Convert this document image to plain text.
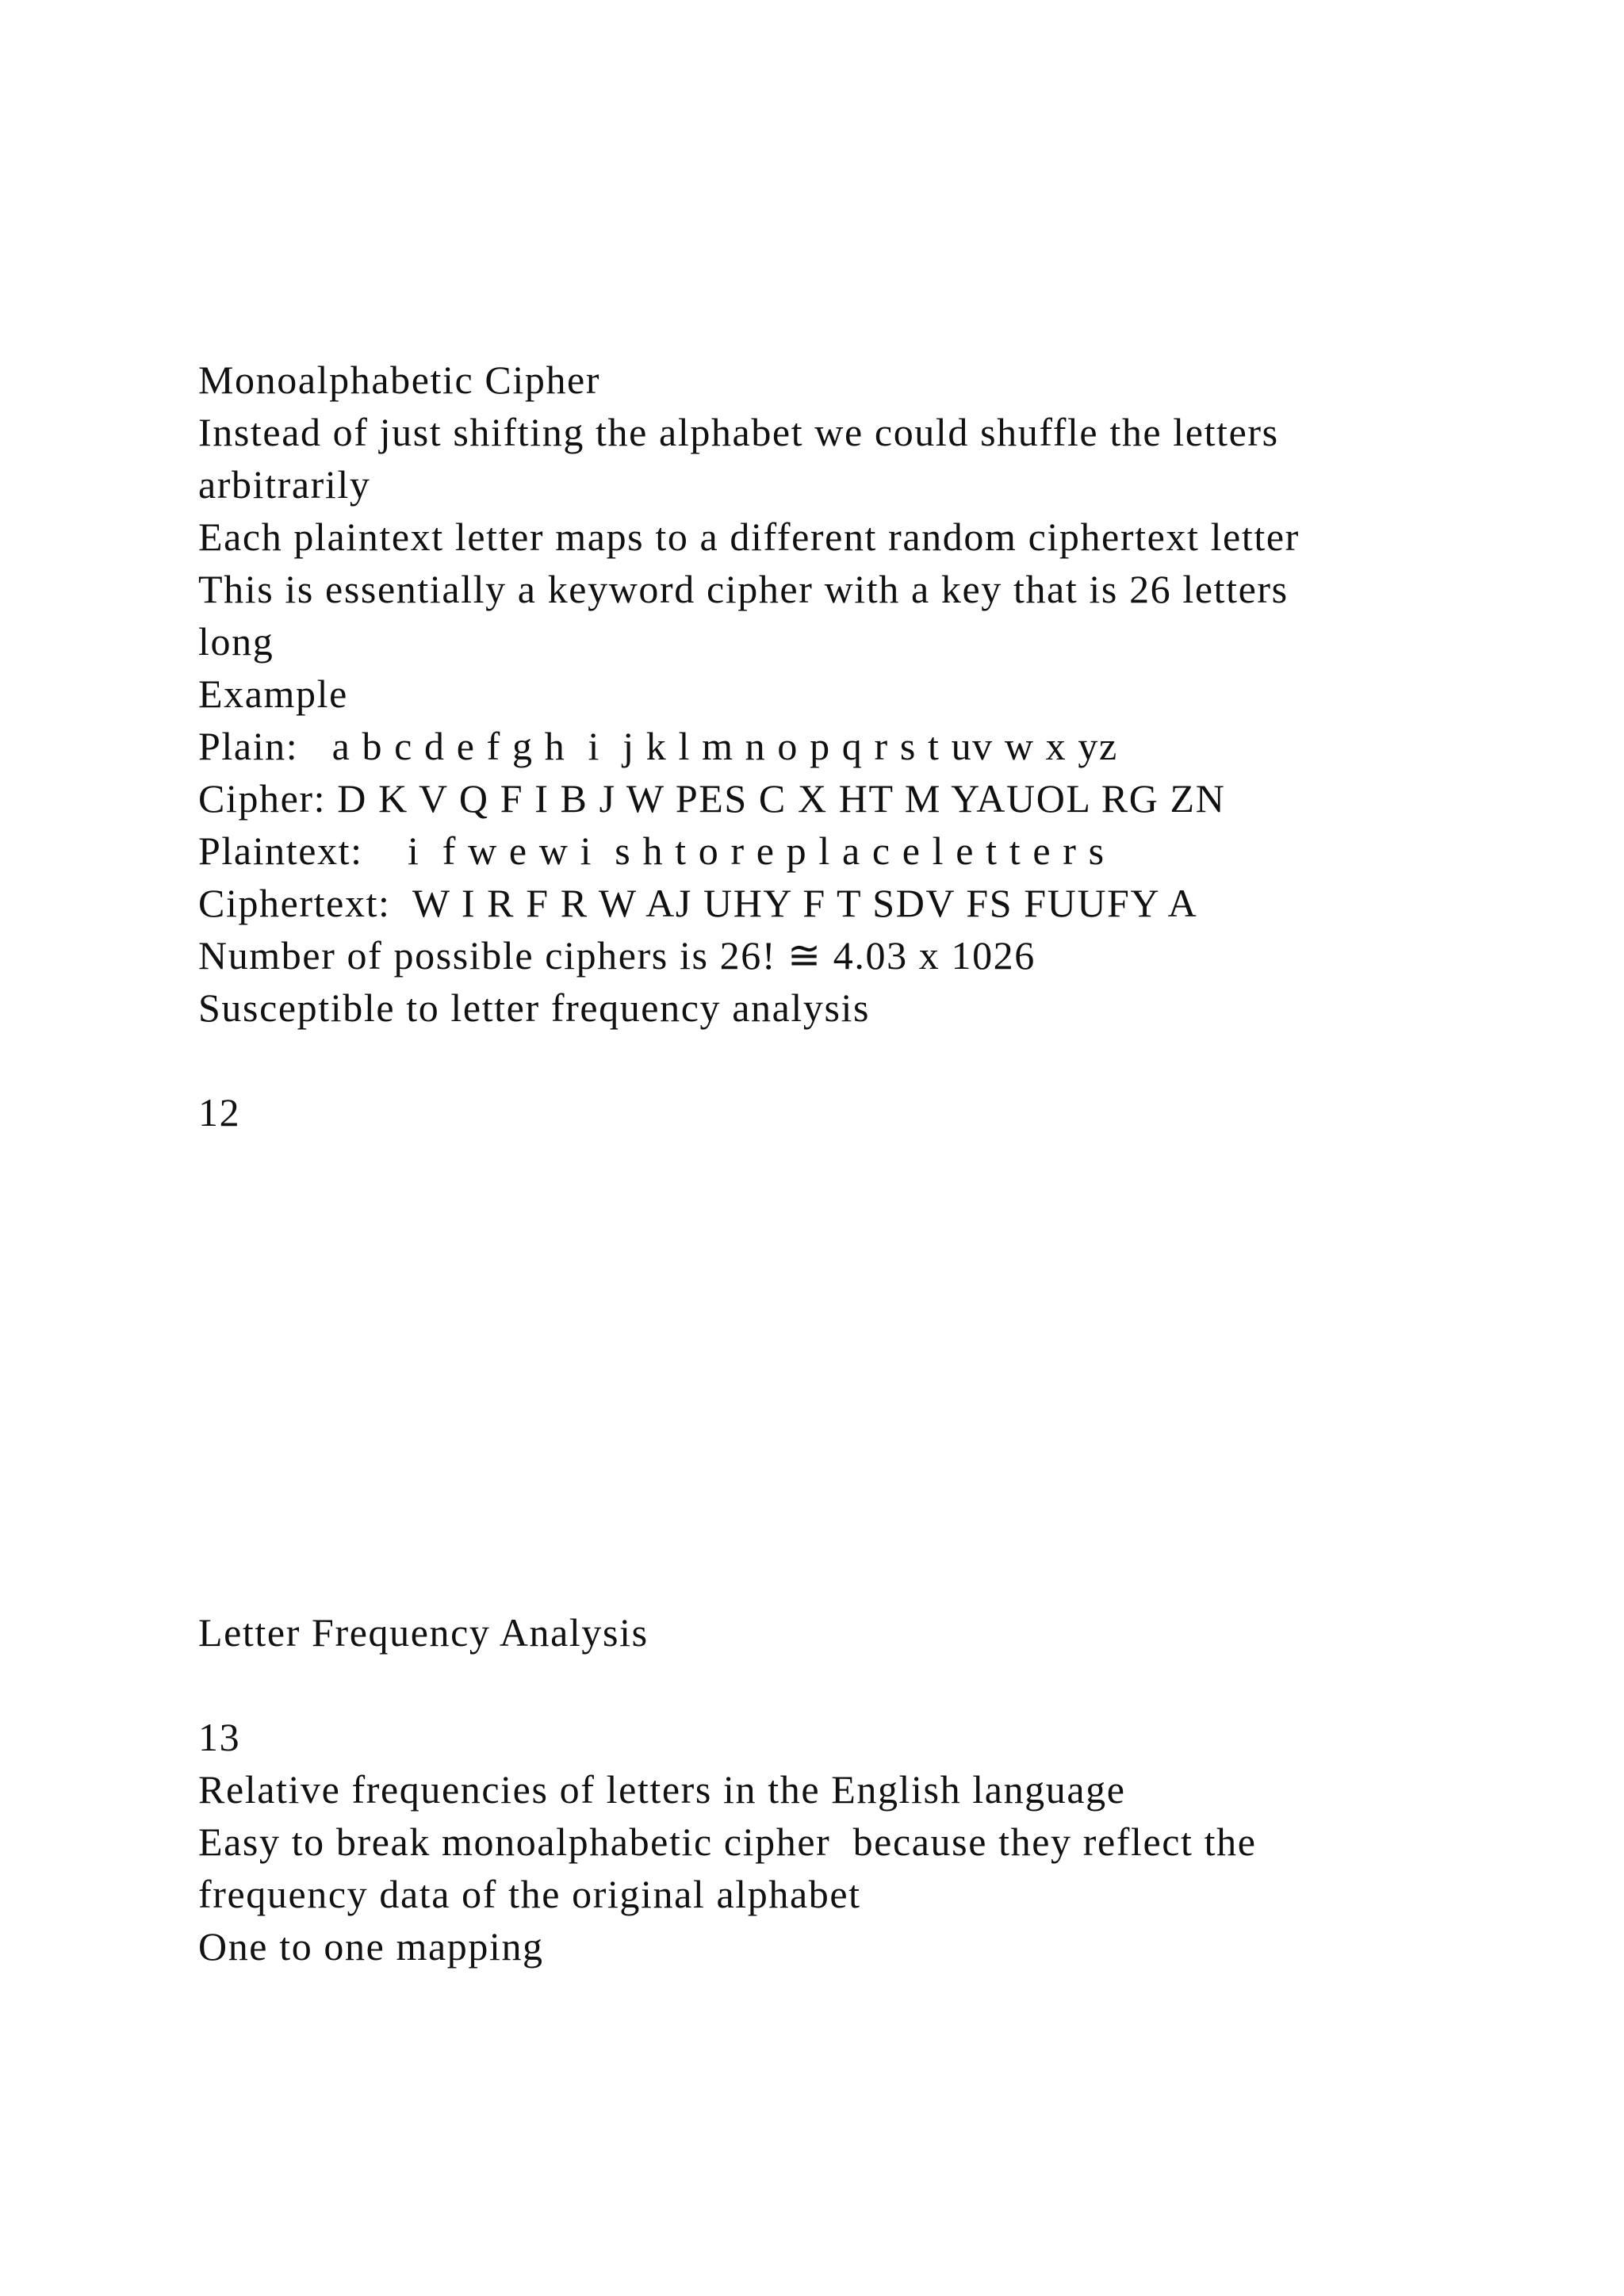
Monoalphabetic Cipher

Instead of just shifting the alphabet we could shuffle the letters

arbitrarily

Each plaintext letter maps to a different random ciphertext letter

This is essentially a keyword cipher with a key that is 26 letters

long

Example

Plain:   a b c d e f g h  i  j k l m n o p q r s t uv w x yz

Cipher: D K V Q F I B J W PES C X HT M YAUOL RG ZN

Plaintext:    i  f w e w i  s h t o r e p l a c e l e t t e r s

Ciphertext:  W I R F R W AJ UHY F T SDV FS FUUFY A

Number of possible ciphers is 26! ≅ 4.03 x 1026

Susceptible to letter frequency analysis

12

Letter Frequency Analysis

13

Relative frequencies of letters in the English language

Easy to break monoalphabetic cipher  because they reflect the

frequency data of the original alphabet

One to one mapping
